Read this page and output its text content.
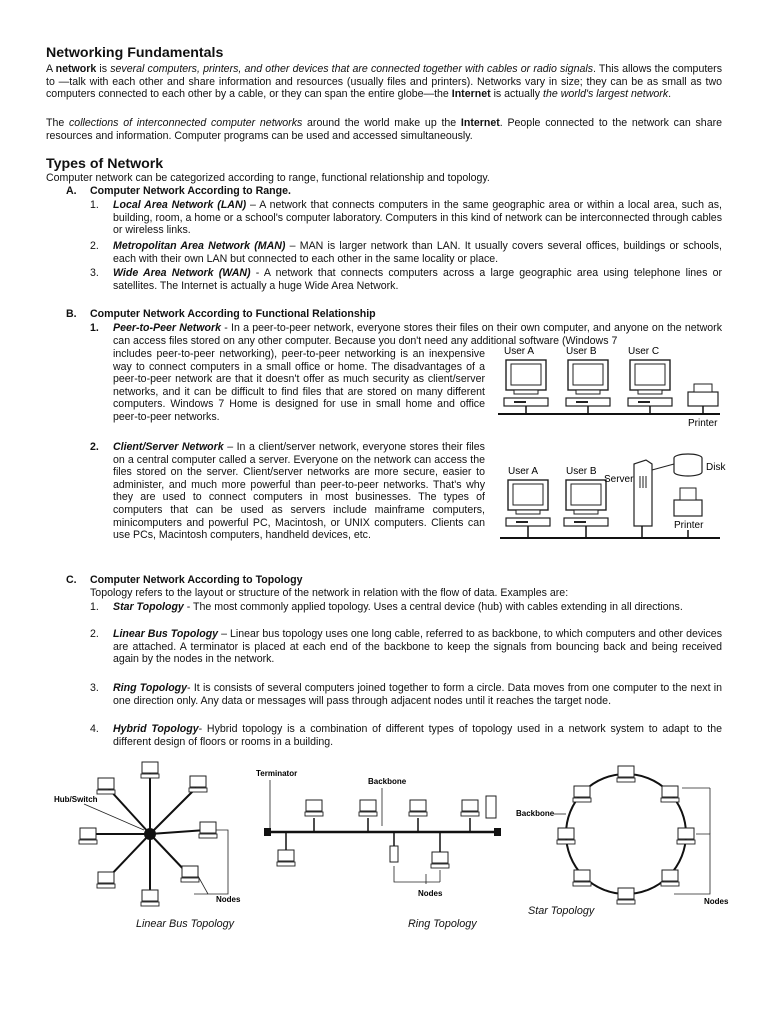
Networking Fundamentals

A network is several computers, printers, and other devices that are connected together with cables or radio signals. This allows the computers to —talk with each other and share information and resources (usually files and printers). Networks vary in size; they can be as small as two computers connected to each other by a cable, or they can span the entire globe—the Internet is actually the world's largest network.

The collections of interconnected computer networks around the world make up the Internet. People connected to the network can share resources and information. Computer programs can be used and accessed simultaneously.

Types of Network

Computer network can be categorized according to range, functional relationship and topology.

A. Computer Network According to Range.
1. Local Area Network (LAN) – A network that connects computers in the same geographic area or within a local area, such as, building, room, a home or a school's computer laboratory. Computers in this kind of network can be interconnected through cables or wireless links.

2. Metropolitan Area Network (MAN) – MAN is larger network than LAN. It usually covers several offices, buildings or schools, each with their own LAN but connected to each other in the same locality or place.

3. Wide Area Network (WAN) - A network that connects computers across a large geographic area using telephone lines or satellites. The Internet is actually a huge Wide Area Network.

B. Computer Network According to Functional Relationship
1. Peer-to-Peer Network - In a peer-to-peer network, everyone stores their files on their own computer, and anyone on the network can access files stored on any other computer. Because you don't need any additional software (Windows 7

includes peer-to-peer networking), peer-to-peer networking is an inexpensive way to connect computers in a small office or home. The disadvantages of a peer-to-peer network are that it doesn't offer as much security as client/server networks, and it can be difficult to find files that are stored on many different computers. Windows 7 Home is designed for use in small home and office peer-to-peer networks.

2. Client/Server Network – In a client/server network, everyone stores their files on a central computer called a server. Everyone on the network can access the files stored on the server. Client/server networks are more secure, easier to administer, and much more powerful than peer-to-peer networks. That's why they are used to connect computers in most businesses. The types of computers that can be used as servers include mainframe computers, minicomputers and powerful PC, Macintosh, or UNIX computers. Clients can use PCs, Macintosh computers, handheld devices, etc.

C. Computer Network According to Topology

Topology refers to the layout or structure of the network in relation with the flow of data. Examples are:

1. Star Topology - The most commonly applied topology. Uses a central device (hub) with cables extending in all directions.

2. Linear Bus Topology – Linear bus topology uses one long cable, referred to as backbone, to which computers and other devices are attached. A terminator is placed at each end of the backbone to keep the signals from bouncing back and being received again by the nodes in the network.

3. Ring Topology- It is consists of several computers joined together to form a circle. Data moves from one computer to the next in one direction only. Any data or messages will pass through adjacent nodes until it reaches the target node.

4. Hybrid Topology- Hybrid topology is a combination of different types of topology used in a network system to adapt to the different design of floors or rooms in a building.

User A	User B	User C
Printer
User A	User B
Server
Disk
Printer
Hub/Switch
Nodes
Linear Bus Topology
Terminator
Backbone
Nodes
Ring Topology
Backbone
Nodes
Star Topology
